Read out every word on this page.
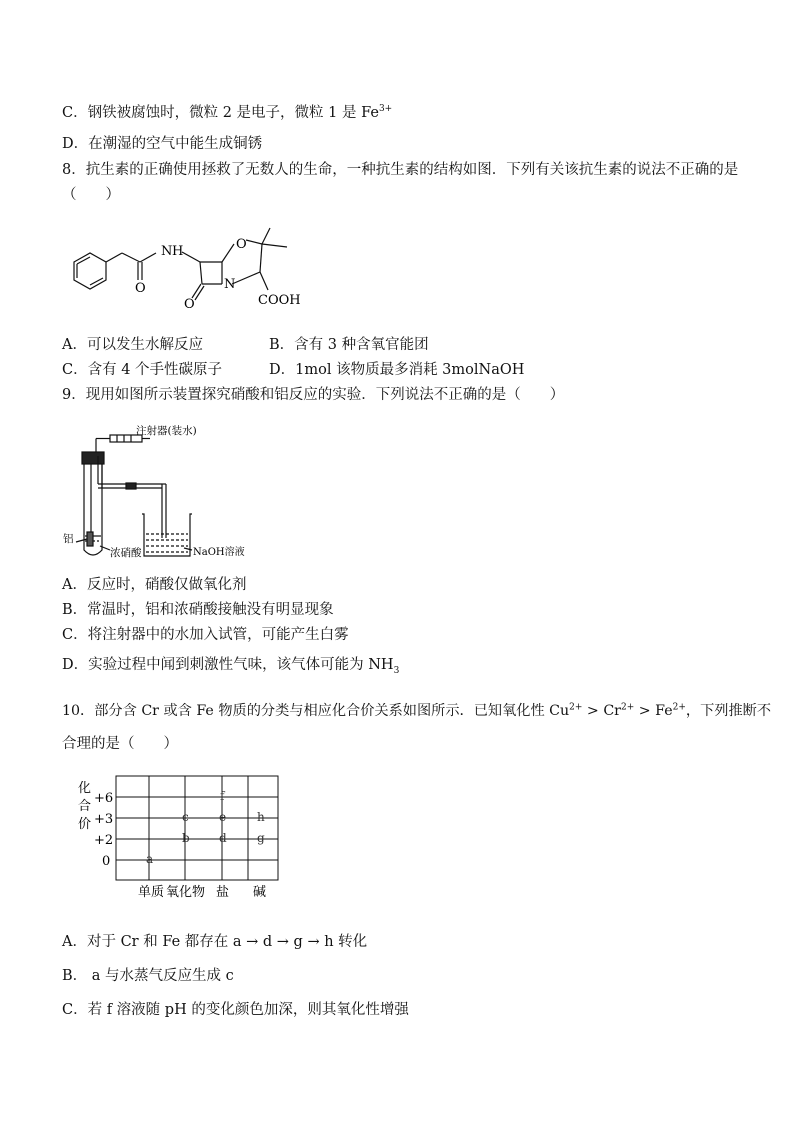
C．钢铁被腐蚀时，微粒 2 是电子，微粒 1 是 $Fe^{3+}$
D．在潮湿的空气中能生成铜锈
8．抗生素的正确使用拯救了无数人的生命，一种抗生素的结构如图．下列有关该抗生素的说法不正确的是
（　　）
N H	O
N
O
O	COOH
A．可以发生水解反应	B．含有 3 种含氧官能团
C．含有 4 个手性碳原子	D．1mol 该物质最多消耗 3molNaOH
9．现用如图所示装置探究硝酸和铝反应的实验．下列说法不正确的是（　　）
注射器(装水)
铝
浓硝酸	NaOH溶液
A．反应时，硝酸仅做氧化剂
B．常温时，铝和浓硝酸接触没有明显现象
C．将注射器中的水加入试管，可能产生白雾
D．实验过程中闻到刺激性气味，该气体可能为 $NH_3$
10．部分含 Cr 或含 Fe 物质的分类与相应化合价关系如图所示．已知氧化性 $Cu^{2+} > Cr^{2+} > Fe^{2+}$，下列推断不
合理的是（　　）
化
合
价
+6
+3
+2
0
单质 氧化物 盐 碱
a
b
c
d
e
f
g
h
A．对于 Cr 和 Fe 都存在 a → d → g → h 转化
B． a 与水蒸气反应生成 c
C．若 f 溶液随 pH 的变化颜色加深，则其氧化性增强
